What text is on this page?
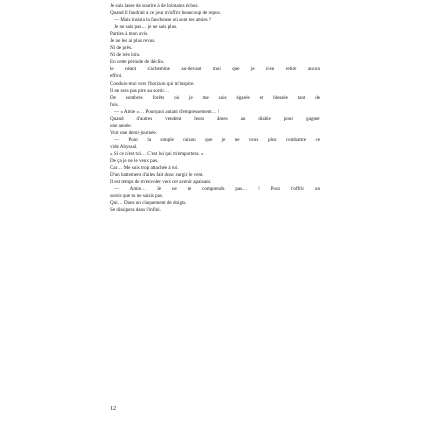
Je suis lasse de sourire à de lointains échos.
Quand il faudrait à ce jour m'offrir beaucoup de repos.
— Mais insista la faucheuse où sont tes amies ?
Je ne sais pas… je ne sais plus.
Parties à mon avis.
Je ne les ai plus revus.
Ni de près.
Ni de très loin.
En cette période de déclin.
le néant s'acheminе au-devant moi que je n'en retire aucun
effroi.
Conduis-moi vers l'horizon qui m'inspire.
Il ne sera pas pire au sortir…
De sombres forêts où je me suis égarée et blessée tant de
fois.
— « Amie »… Pourquoi autant d'empressement… !
Quand d'autres vendent leurs âmes au diable pour gagner
une année.
Voir une demi-journée.
— Pour la simple raison que je ne veux plus combattre ce
vide Abyssal.
« Si ce n'est toi… C'est lui qui m'emportera. »
De ça je ne le veux pas.
Car… Me suis trop attachée à toi.
D'un battement d'ailes fait donc surgir le vent.
Il est temps de m'envoler vers cet avenir apaisant.
— Amie… Je ne te comprends pas… ! Pour t'offrir un
sursis que tu ne saisis pas.
Qui… Dans un claquement de doigts.
Se dissipera dans l'infini.
12
